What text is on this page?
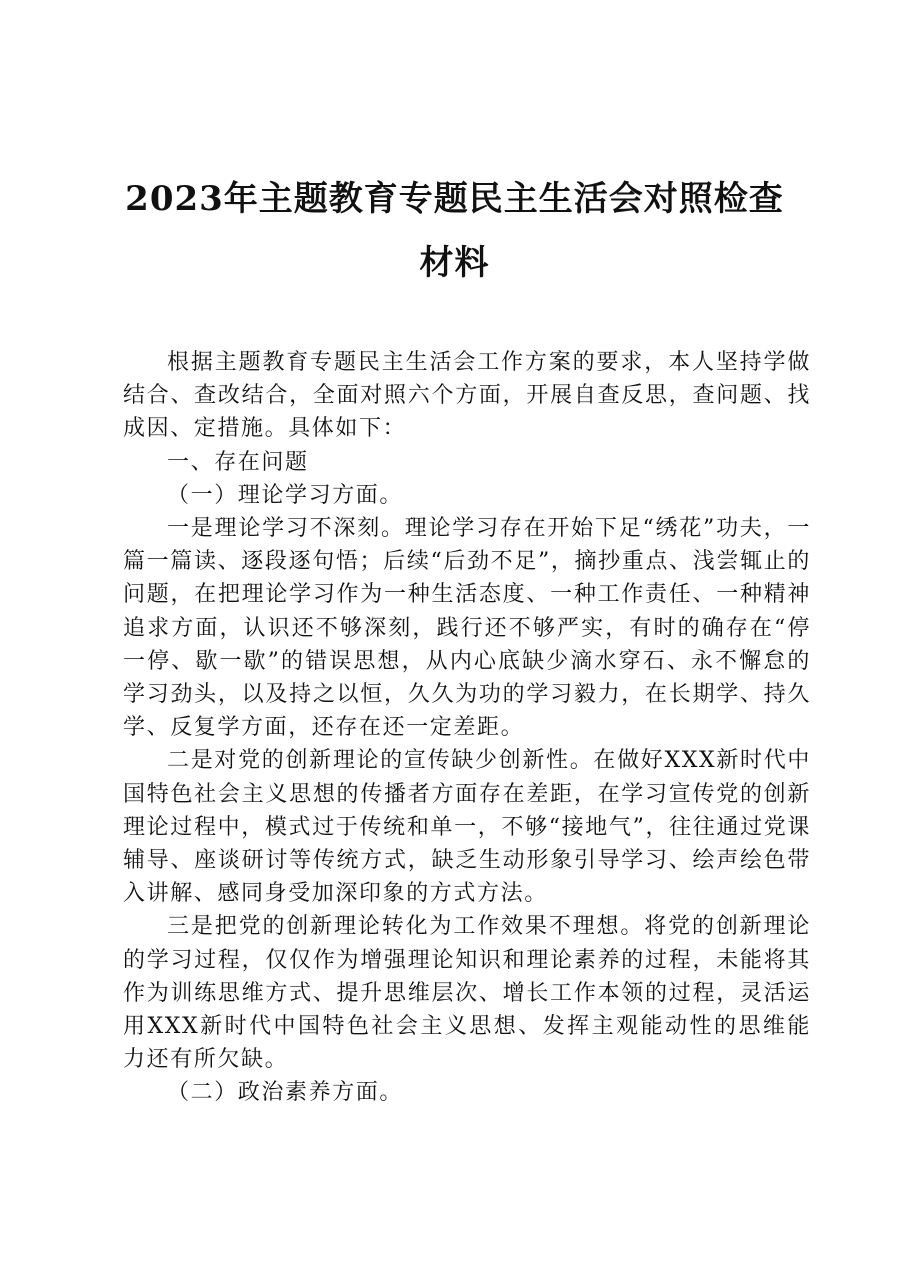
2023年主题教育专题民主生活会对照检查材料

根据主题教育专题民主生活会工作方案的要求，本人坚持学做结合、查改结合，全面对照六个方面，开展自查反思，查问题、找成因、定措施。具体如下：

一、存在问题

（一）理论学习方面。

一是理论学习不深刻。理论学习存在开始下足“绣花”功夫，一篇一篇读、逐段逐句悟；后续“后劲不足”，摘抄重点、浅尝辄止的问题，在把理论学习作为一种生活态度、一种工作责任、一种精神追求方面，认识还不够深刻，践行还不够严实，有时的确存在“停一停、歇一歇”的错误思想，从内心底缺少滴水穿石、永不懈怠的学习劲头，以及持之以恒，久久为功的学习毅力，在长期学、持久学、反复学方面，还存在还一定差距。

二是对党的创新理论的宣传缺少创新性。在做好XXX新时代中国特色社会主义思想的传播者方面存在差距，在学习宣传党的创新理论过程中，模式过于传统和单一，不够“接地气”，往往通过党课辅导、座谈研讨等传统方式，缺乏生动形象引导学习、绘声绘色带入讲解、感同身受加深印象的方式方法。

三是把党的创新理论转化为工作效果不理想。将党的创新理论的学习过程，仅仅作为增强理论知识和理论素养的过程，未能将其作为训练思维方式、提升思维层次、增长工作本领的过程，灵活运用XXX新时代中国特色社会主义思想、发挥主观能动性的思维能力还有所欠缺。

（二）政治素养方面。
